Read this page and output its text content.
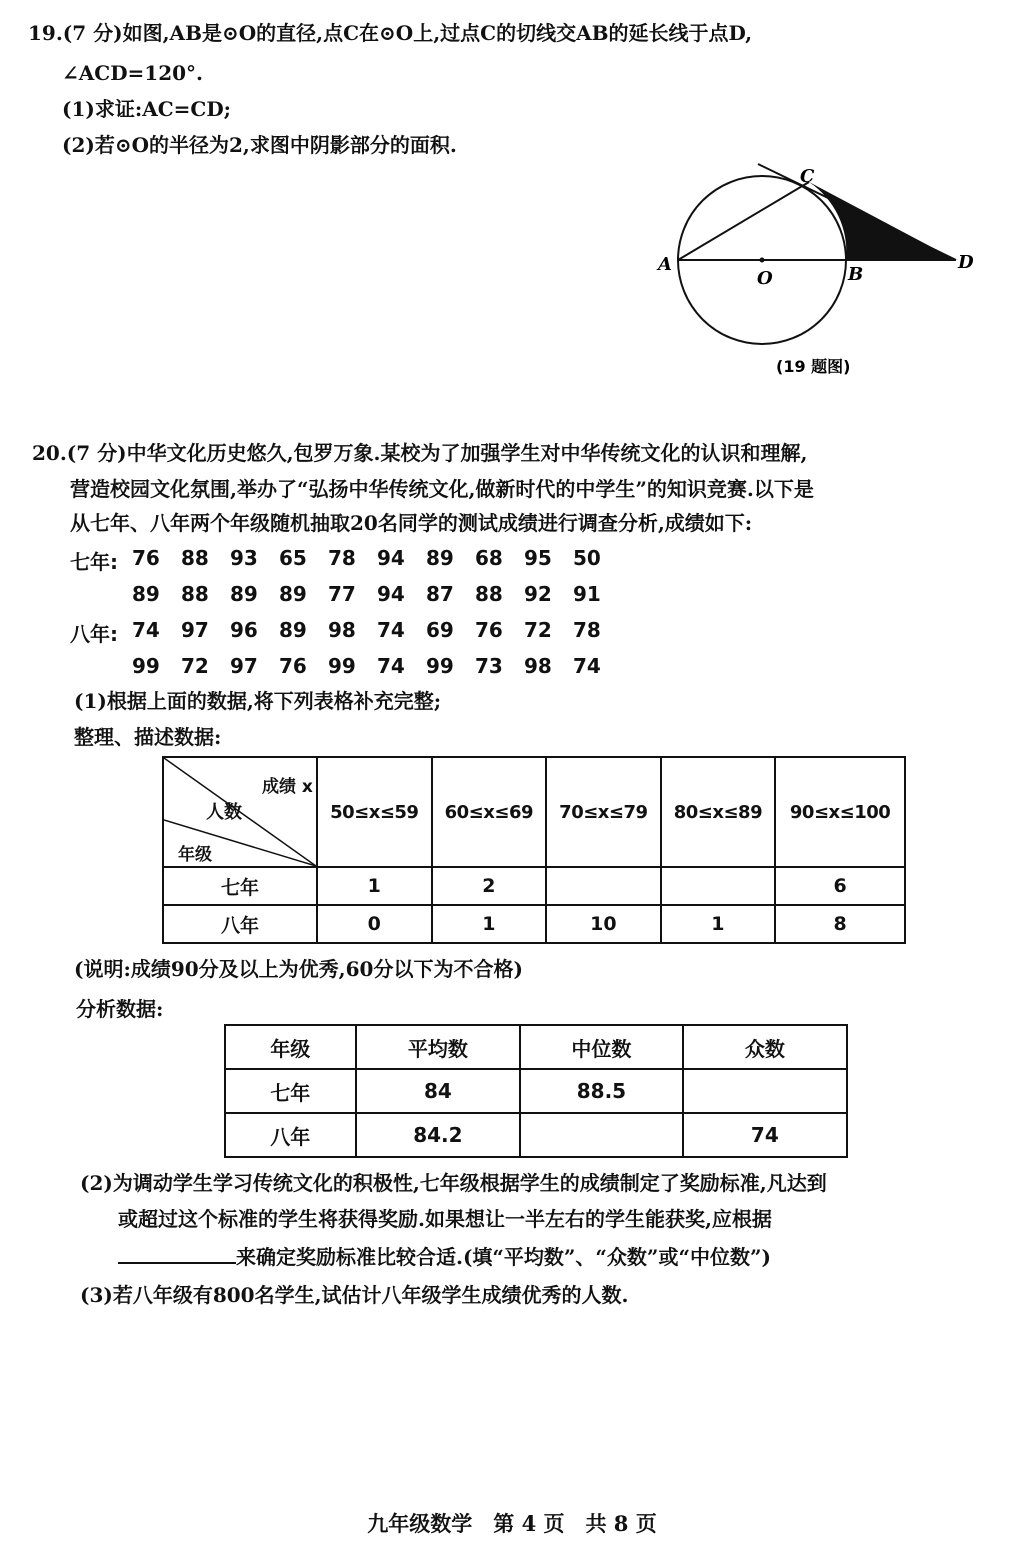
19.(7 分)如图,AB是⊙O的直径,点C在⊙O上,过点C的切线交AB的延长线于点D,
∠ACD=120°.
(1)求证:AC=CD;
(2)若⊙O的半径为2,求图中阴影部分的面积.
A
O	B
C
D
(19 题图)
20.(7 分)中华文化历史悠久,包罗万象.某校为了加强学生对中华传统文化的认识和理解,
营造校园文化氛围,举办了“弘扬中华传统文化,做新时代的中学生”的知识竞赛.以下是
从七年、八年两个年级随机抽取20名同学的测试成绩进行调查分析,成绩如下:
七年: 76	88	93	65	78	94	89	68	95	50
89	88	89	89	77	94	87	88	92	91
八年: 74	97	96	89	98	74	69	76	72	78
99	72	97	76	99	74	99	73	98	74
(1)根据上面的数据,将下列表格补充完整;
整理、描述数据:
成绩 x
人数
年级	50≤x≤59	60≤x≤69	70≤x≤79	80≤x≤89	90≤x≤100
七年	1	2			6
八年	0	1	10	1	8
(说明:成绩90分及以上为优秀,60分以下为不合格)
分析数据:
年级	平均数	中位数	众数
七年	84	88.5	
八年	84.2		74
(2)为调动学生学习传统文化的积极性,七年级根据学生的成绩制定了奖励标准,凡达到
或超过这个标准的学生将获得奖励.如果想让一半左右的学生能获奖,应根据
来确定奖励标准比较合适.(填“平均数”、“众数”或“中位数”)
(3)若八年级有800名学生,试估计八年级学生成绩优秀的人数.
九年级数学　第 4 页　共 8 页
